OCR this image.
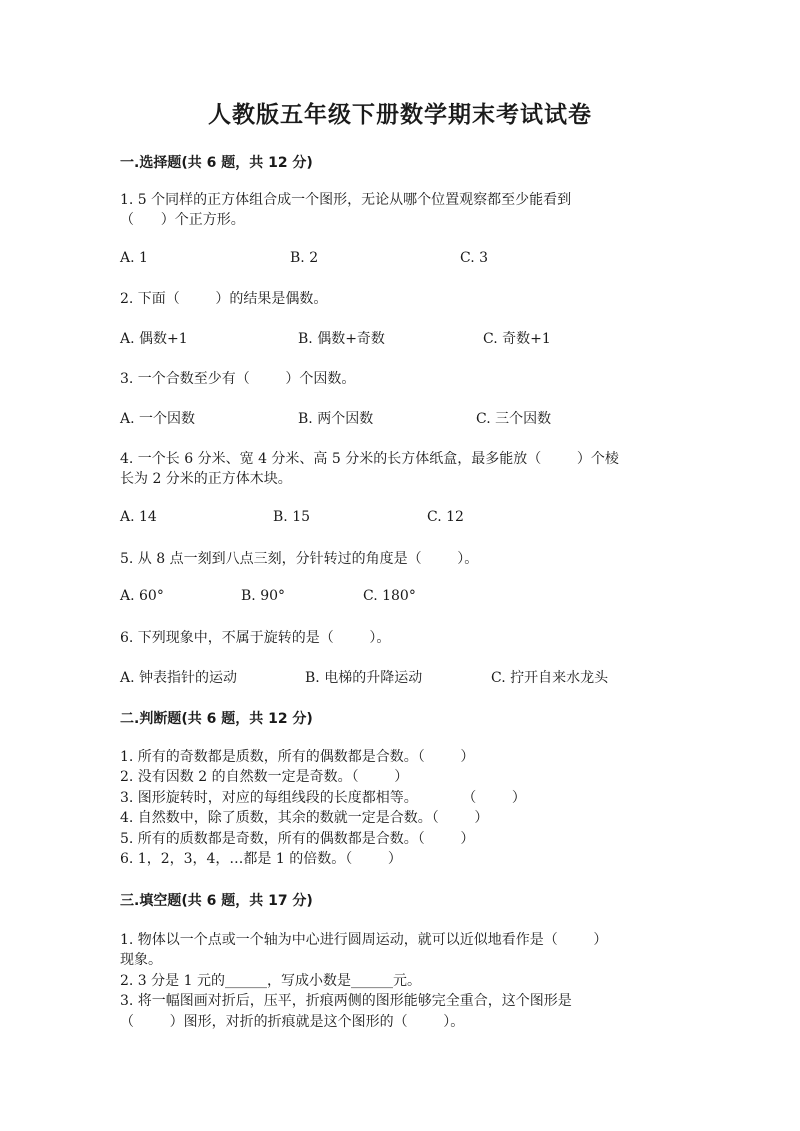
人教版五年级下册数学期末考试试卷
一.选择题(共 6 题，共 12 分)
1. 5 个同样的正方体组合成一个图形，无论从哪个位置观察都至少能看到
（      ）个正方形。
A. 1	B. 2	C. 3
2. 下面（        ）的结果是偶数。
A. 偶数+1	B. 偶数+奇数	C. 奇数+1
3. 一个合数至少有（        ）个因数。
A. 一个因数	B. 两个因数	C. 三个因数
4. 一个长 6 分米、宽 4 分米、高 5 分米的长方体纸盒，最多能放（        ）个棱
长为 2 分米的正方体木块。
A. 14	B. 15	C. 12
5. 从 8 点一刻到八点三刻，分针转过的角度是（        ）。
A. 60°	B. 90°	C. 180°
6. 下列现象中，不属于旋转的是（        ）。
A. 钟表指针的运动	B. 电梯的升降运动	C. 拧开自来水龙头
二.判断题(共 6 题，共 12 分)
1. 所有的奇数都是质数，所有的偶数都是合数。（        ）
2. 没有因数 2 的自然数一定是奇数。（        ）
3. 图形旋转时，对应的每组线段的长度都相等。          （        ）
4. 自然数中，除了质数，其余的数就一定是合数。（        ）
5. 所有的质数都是奇数，所有的偶数都是合数。（        ）
6. 1，2，3，4，…都是 1 的倍数。（        ）
三.填空题(共 6 题，共 17 分)
1. 物体以一个点或一个轴为中心进行圆周运动，就可以近似地看作是（        ）
现象。
2. 3 分是 1 元的______，写成小数是______元。
3. 将一幅图画对折后，压平，折痕两侧的图形能够完全重合，这个图形是
（        ）图形，对折的折痕就是这个图形的（        ）。
